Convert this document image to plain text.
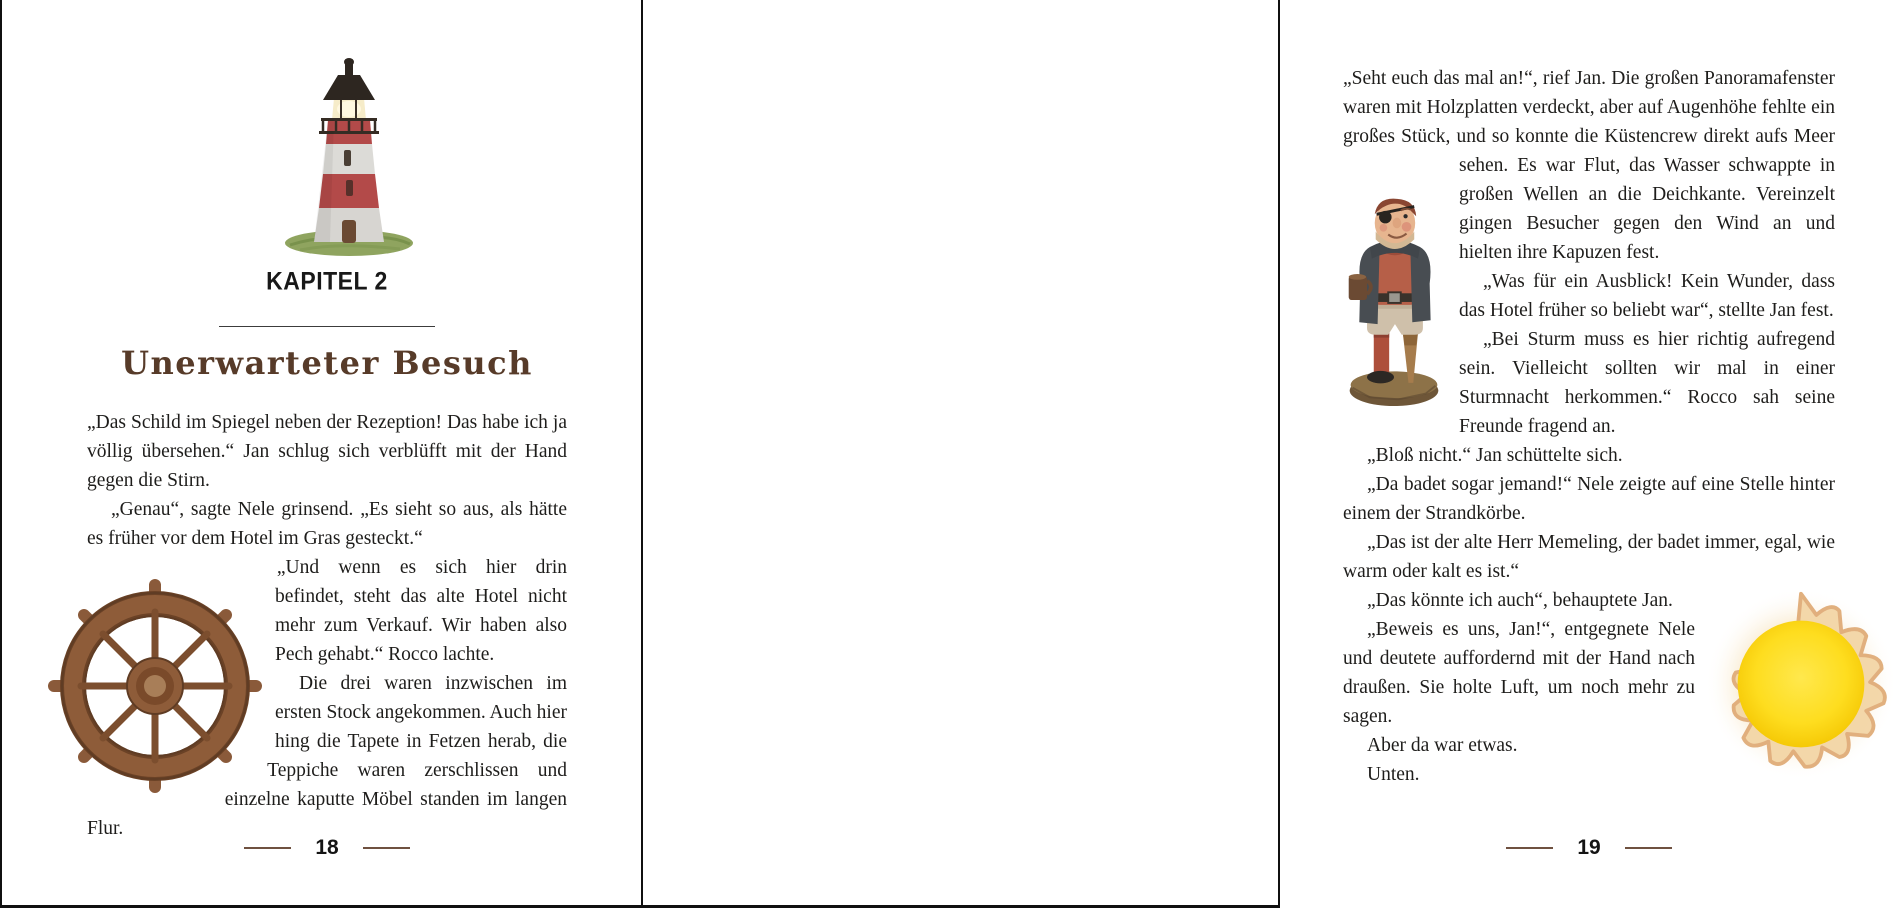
KAPITEL 2
Unerwarteter Besuch

„Das Schild im Spiegel neben der Rezeption! Das habe ich ja völlig übersehen.“ Jan schlug sich verblüfft mit der Hand gegen die Stirn.

„Genau“, sagte Nele grinsend. „Es sieht so aus, als hätte es früher vor dem Hotel im Gras gesteckt.“

„Und wenn es sich hier drin befindet, steht das alte Hotel nicht mehr zum Verkauf. Wir haben also Pech gehabt.“ Rocco lachte.

Die drei waren inzwischen im ersten Stock angekommen. Auch hier hing die Tapete in Fetzen herab, die Teppiche waren zerschlissen und einzelne kaputte Möbel standen im langen Flur.

18

„Seht euch das mal an!“, rief Jan. Die großen Panoramafenster waren mit Holzplatten verdeckt, aber auf Augenhöhe fehlte ein großes Stück, und so konnte die Küstencrew direkt aufs Meer sehen. Es war Flut, das Wasser schwappte in großen Wellen an die Deichkante. Vereinzelt gingen Besucher gegen den Wind an und hielten ihre Kapuzen fest.

„Was für ein Ausblick! Kein Wunder, dass das Hotel früher so beliebt war“, stellte Jan fest.

„Bei Sturm muss es hier richtig aufregend sein. Vielleicht sollten wir mal in einer Sturmnacht herkommen.“ Rocco sah seine Freunde fragend an.

„Bloß nicht.“ Jan schüttelte sich.

„Da badet sogar jemand!“ Nele zeigte auf eine Stelle hinter einem der Strandkörbe.

„Das ist der alte Herr Memeling, der badet immer, egal, wie warm oder kalt es ist.“

„Das könnte ich auch“, behauptete Jan.

„Beweis es uns, Jan!“, entgegnete Nele und deutete auffordernd mit der Hand nach draußen. Sie holte Luft, um noch mehr zu sagen.

Aber da war etwas.

Unten.

19
